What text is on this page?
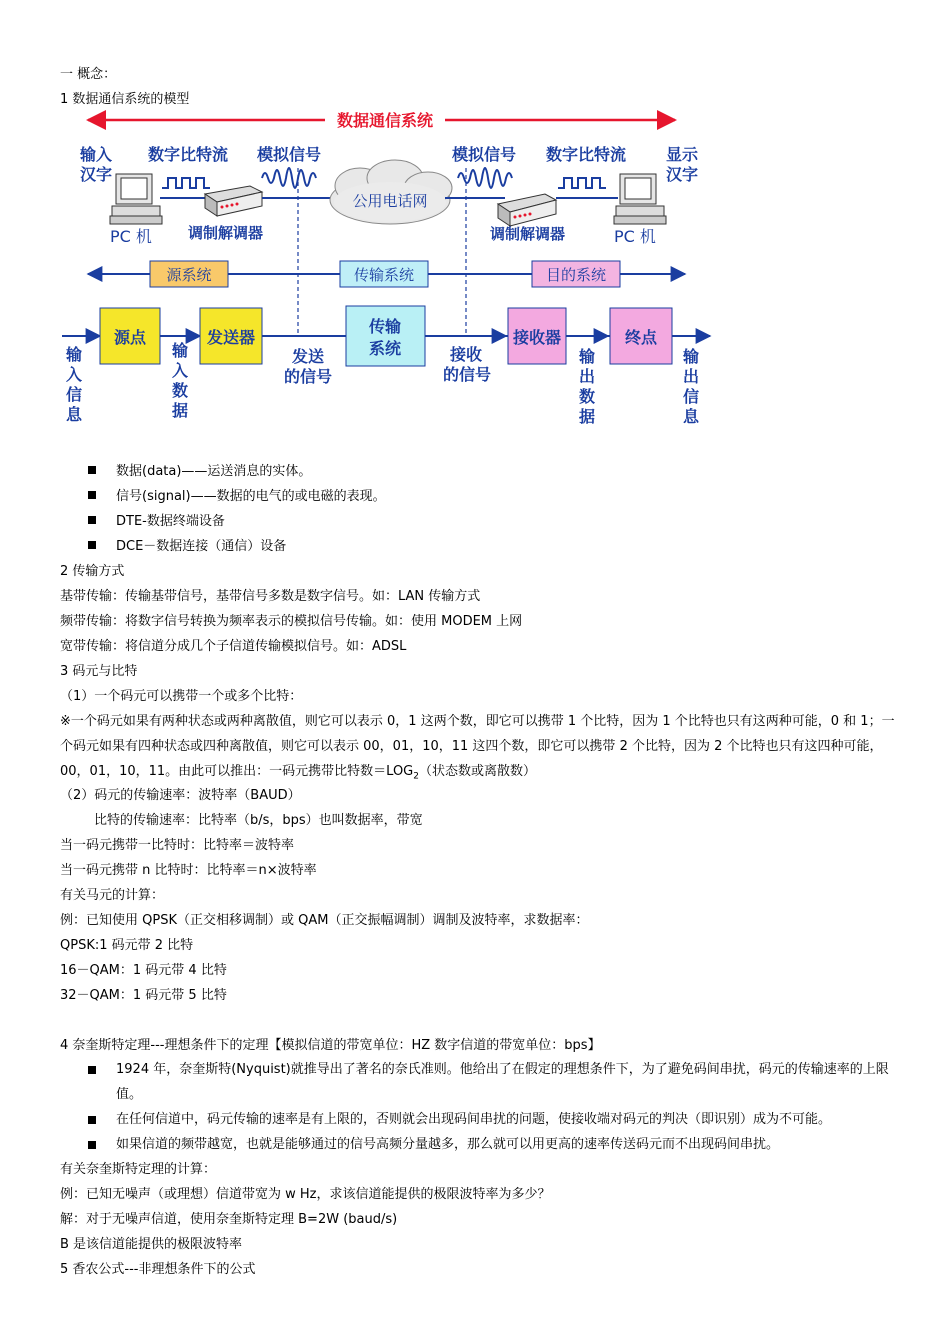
一 概念：
1 数据通信系统的模型
数据通信系统
输入
汉字
数字比特流 模拟信号	模拟信号 数字比特流 显示
汉字
PC 机 调制解调器
公用电话网
调制解调器	PC 机
源系统	传输系统	目的系统
源点	发送器
传输
系统
接收器	终点
输
入
信
息
输
入
数
据
发送
的信号
接收
的信号
输
出
数
据
输
出
信
息
数据(data)——运送消息的实体。
信号(signal)——数据的电气的或电磁的表现。
DTE-数据终端设备
DCE－数据连接（通信）设备
2 传输方式
基带传输：传输基带信号，基带信号多数是数字信号。如：LAN 传输方式
频带传输：将数字信号转换为频率表示的模拟信号传输。如：使用 MODEM 上网
宽带传输：将信道分成几个子信道传输模拟信号。如：ADSL
3 码元与比特
（1）一个码元可以携带一个或多个比特：
※一个码元如果有两种状态或两种离散值，则它可以表示 0，1 这两个数，即它可以携带 1 个比特，因为 1 个比特也只有这两种可能，0 和 1；一个码元如果有四种状态或四种离散值，则它可以表示 00，01，10，11 这四个数，即它可以携带 2 个比特，因为 2 个比特也只有这四种可能，00，01，10，11。由此可以推出：一码元携带比特数$=LOG_2$（状态数或离散数）
（2）码元的传输速率：波特率（BAUD）
比特的传输速率：比特率（b/s，bps）也叫数据率，带宽
当一码元携带一比特时：比特率＝波特率
当一码元携带 n 比特时：比特率＝n×波特率
有关马元的计算：
例：已知使用 QPSK（正交相移调制）或 QAM（正交振幅调制）调制及波特率，求数据率：
QPSK:1 码元带 2 比特
16－QAM：1 码元带 4 比特
32－QAM：1 码元带 5 比特
4 奈奎斯特定理---理想条件下的定理【模拟信道的带宽单位：HZ 数字信道的带宽单位：bps】
1924 年，奈奎斯特(Nyquist)就推导出了著名的奈氏准则。他给出了在假定的理想条件下，为了避免码间串扰，码元的传输速率的上限值。
在任何信道中，码元传输的速率是有上限的，否则就会出现码间串扰的问题，使接收端对码元的判决（即识别）成为不可能。
如果信道的频带越宽，也就是能够通过的信号高频分量越多，那么就可以用更高的速率传送码元而不出现码间串扰。
有关奈奎斯特定理的计算：
例：已知无噪声（或理想）信道带宽为 w Hz，求该信道能提供的极限波特率为多少？
解：对于无噪声信道，使用奈奎斯特定理 B=2W (baud/s)
B 是该信道能提供的极限波特率
5 香农公式---非理想条件下的公式
